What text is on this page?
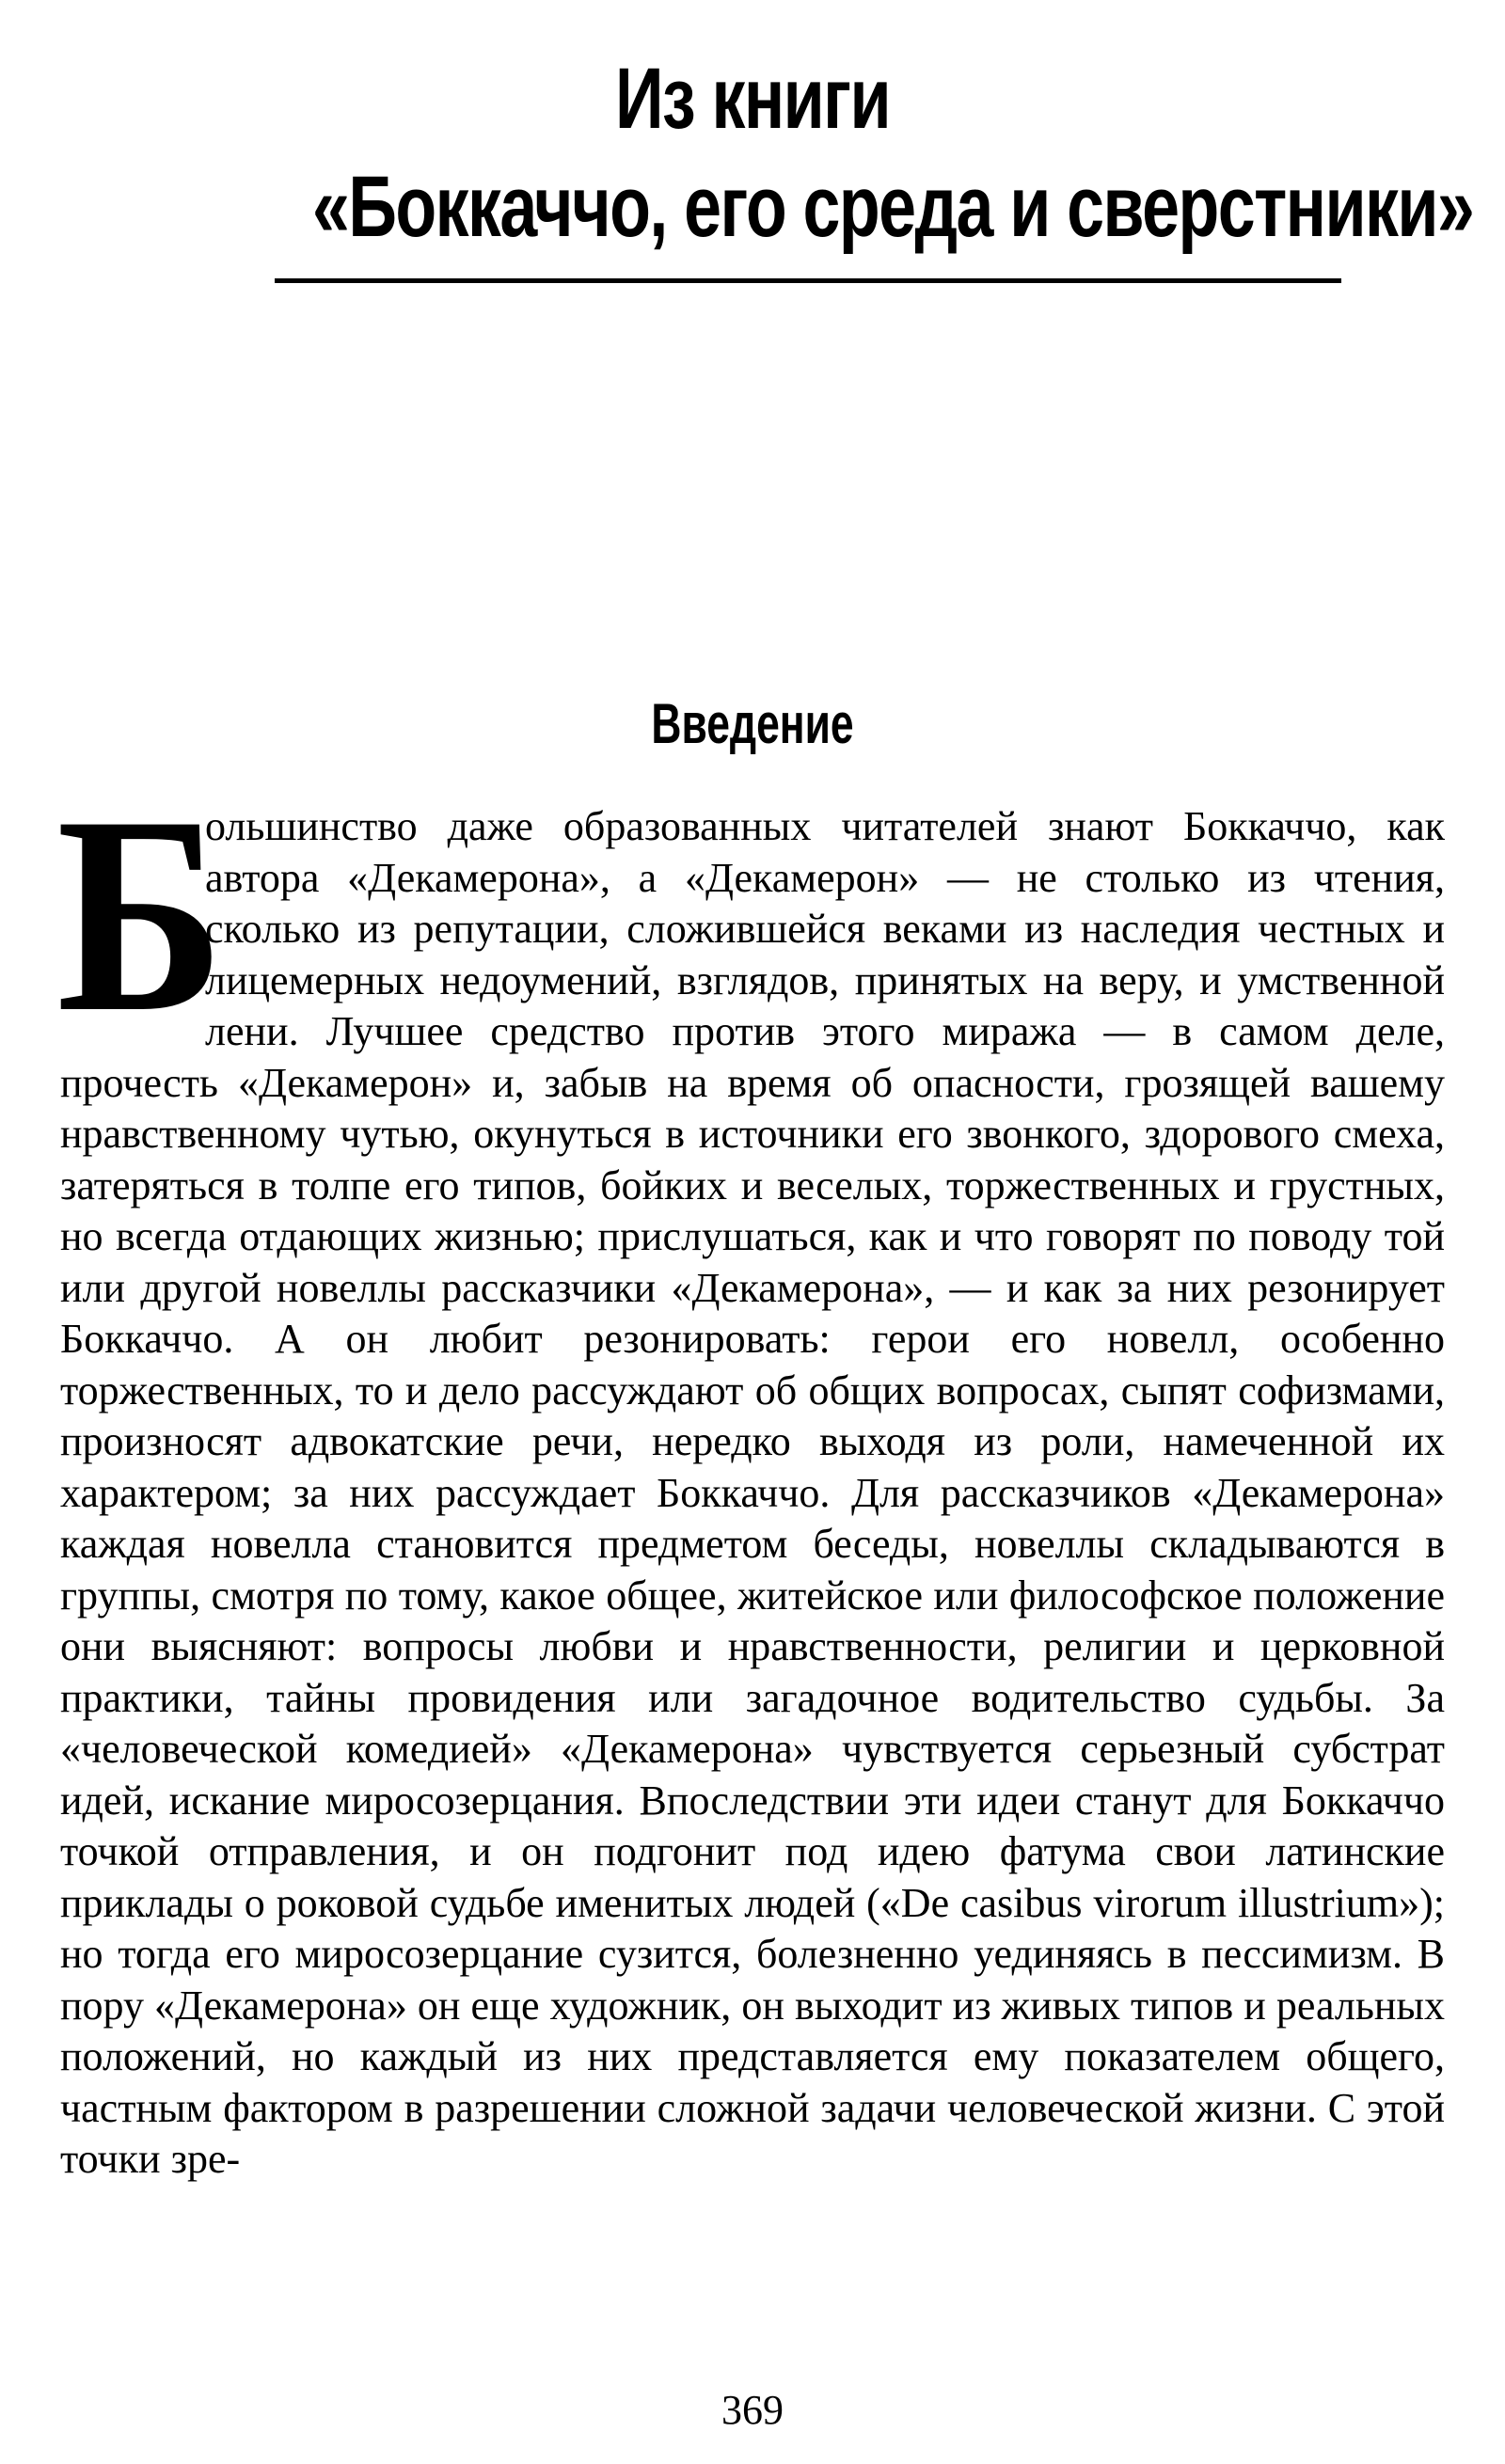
Из книги
«Боккаччо, его среда и сверстники»
Введение
Б
ольшинство даже образованных читателей знают Боккаччо, как автора «Декамерона», а «Декамерон» — не столько из чтения, сколько из репутации, сложившейся веками из наследия честных и лицемерных недоумений, взглядов, принятых на веру, и умственной лени. Лучшее средство против этого миража — в самом деле, прочесть «Декамерон» и, забыв на время об опасности, грозящей вашему нравственному чутью, окунуться в источники его звонкого, здорового смеха, затеряться в толпе его типов, бойких и веселых, торжественных и грустных, но всегда отдающих жизнью; прислушаться, как и что говорят по поводу той или другой новеллы рассказчики «Декамерона», — и как за них резонирует Боккаччо. А он любит резонировать: герои его новелл, особенно торжественных, то и дело рассуждают об общих вопросах, сыпят софизмами, произносят адвокатские речи, нередко выходя из роли, намеченной их характером; за них рассуждает Боккаччо. Для рассказчиков «Декамерона» каждая новелла становится предметом беседы, новеллы складываются в группы, смотря по тому, какое общее, житейское или философское положение они выясняют: вопросы любви и нравственности, религии и церковной практики, тайны провидения или загадочное водительство судьбы. За «человеческой комедией» «Декамерона» чувствуется серьезный субстрат идей, искание миросозерцания. Впоследствии эти идеи станут для Боккаччо точкой отправления, и он подгонит под идею фатума свои латинские приклады о роковой судьбе именитых людей («De casibus virorum illustrium»); но тогда его миросозерцание сузится, болезненно уединяясь в пессимизм. В пору «Декамерона» он еще художник, он выходит из живых типов и реальных положений, но каждый из них представляется ему показателем общего, частным фактором в разрешении сложной задачи человеческой жизни. С этой точки зре-
369
